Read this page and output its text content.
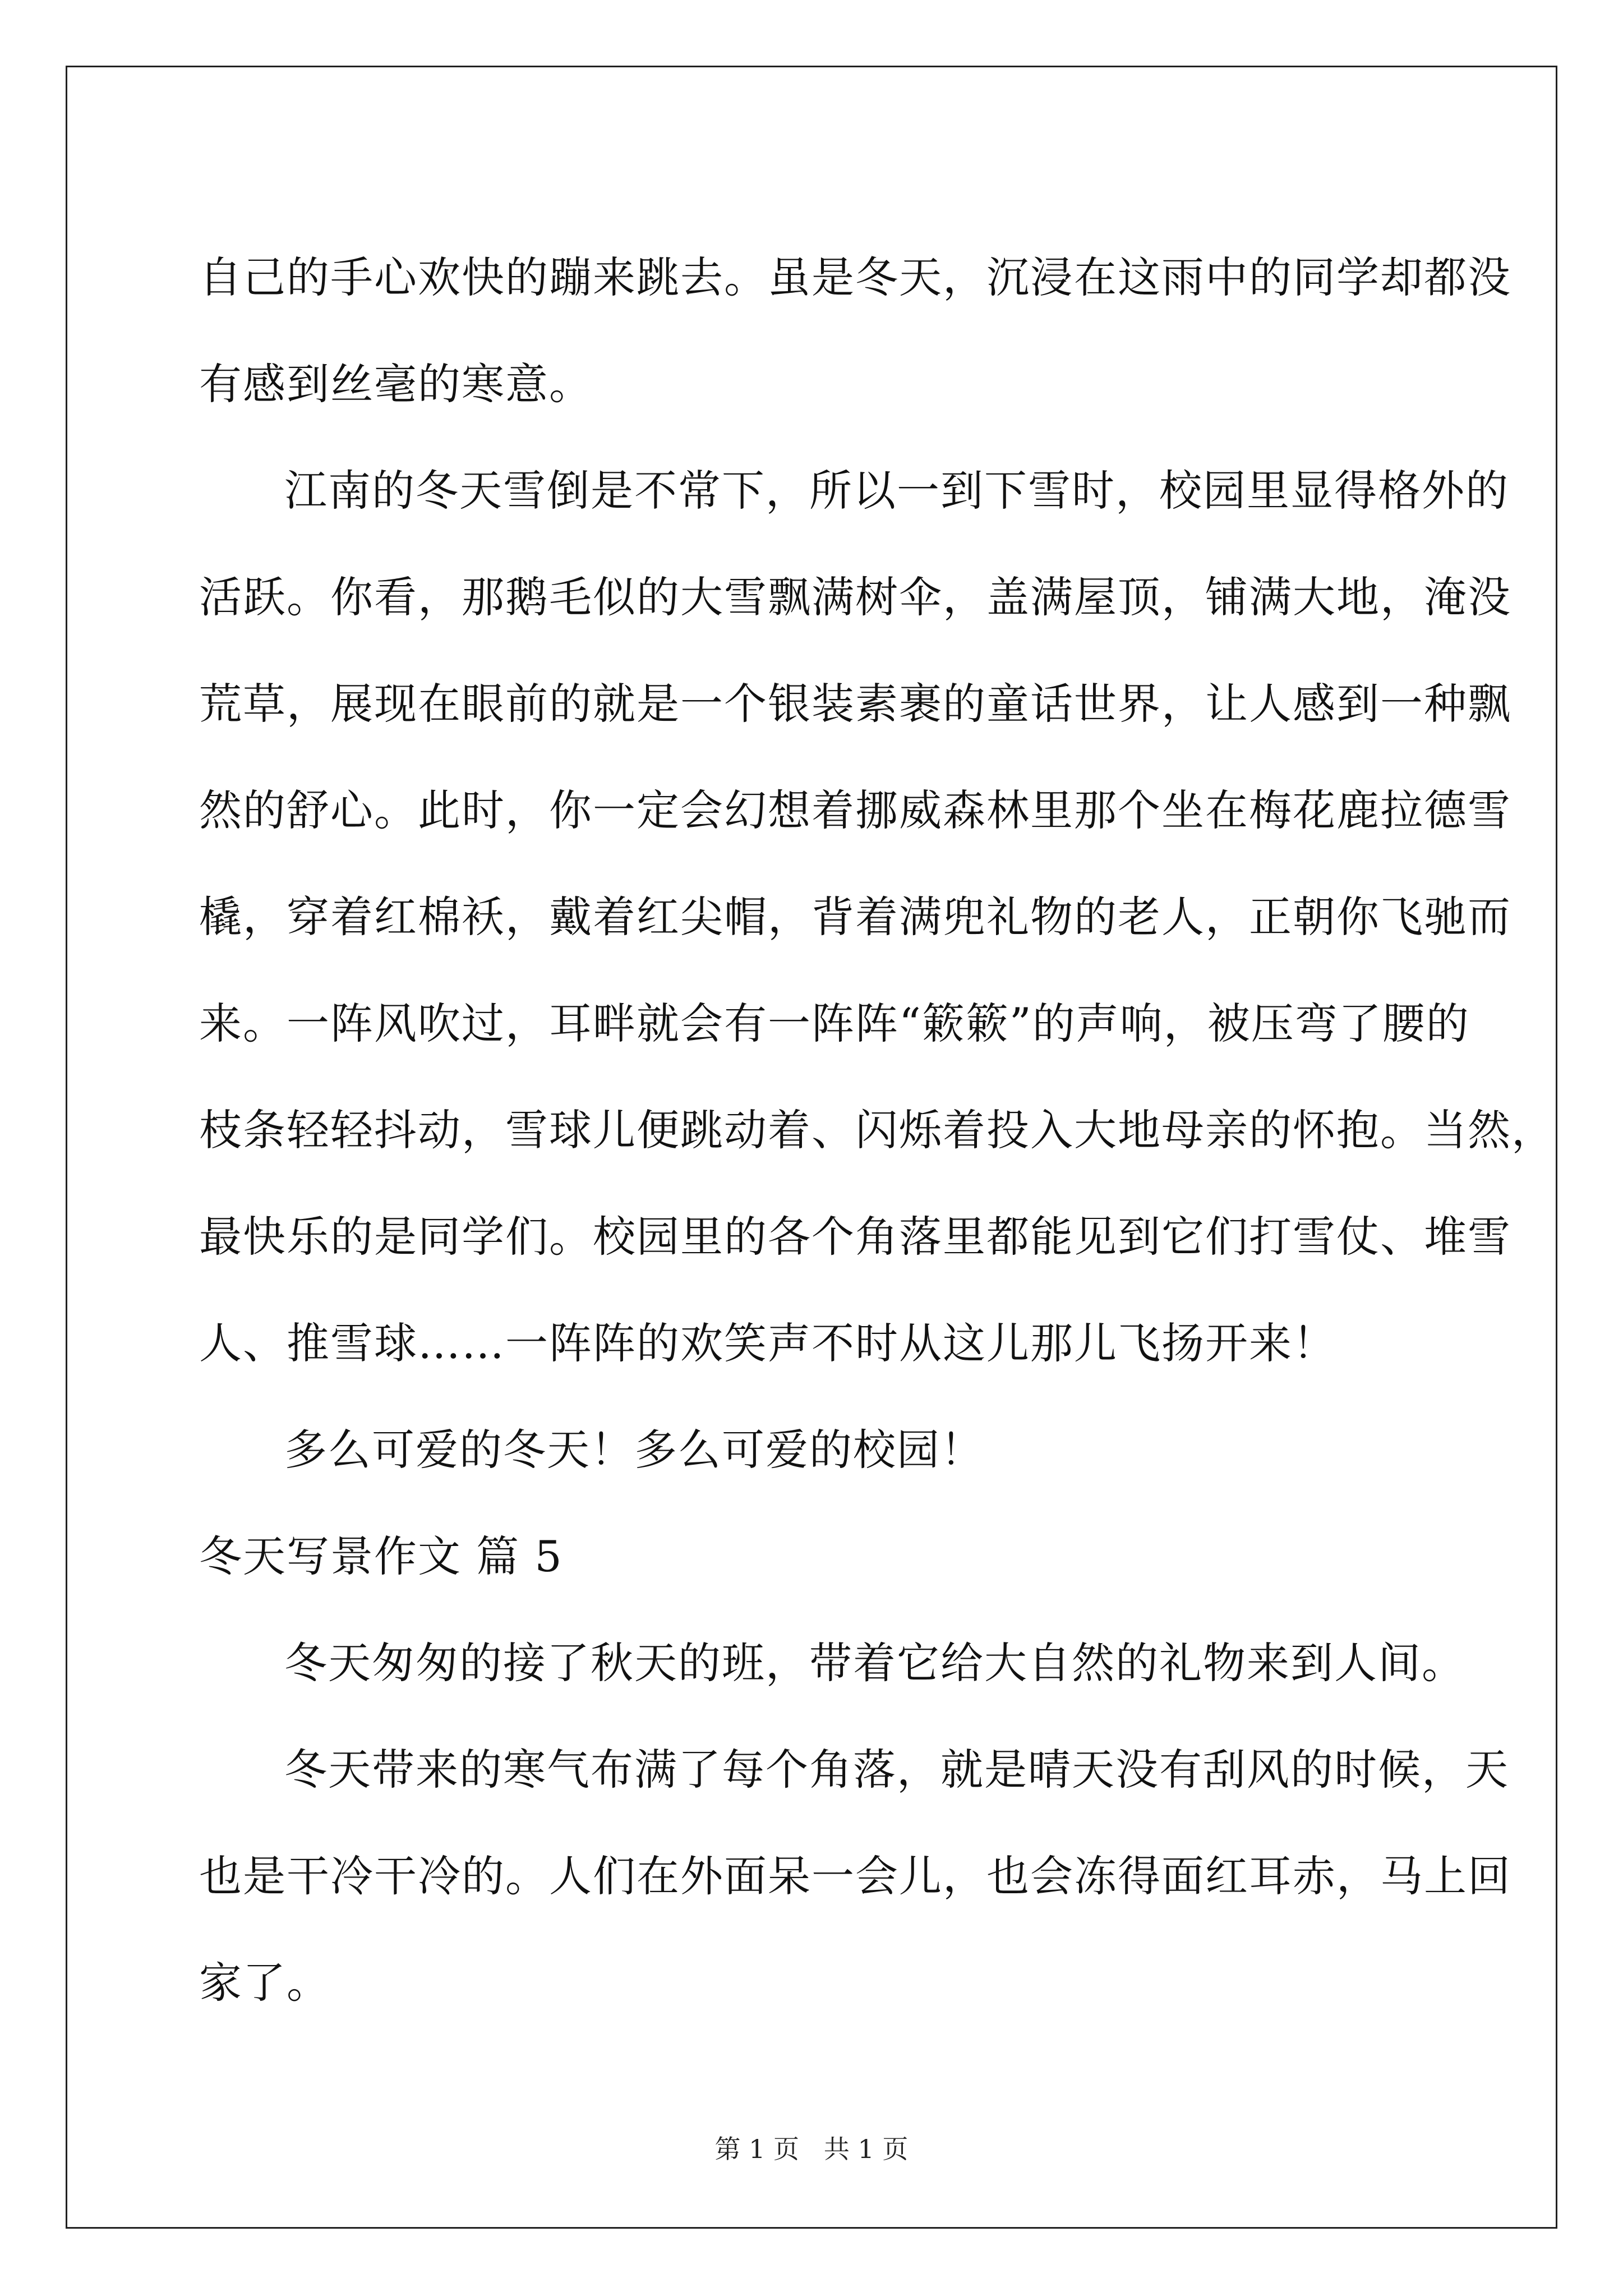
自己的手心欢快的蹦来跳去。虽是冬天，沉浸在这雨中的同学却都没
有感到丝毫的寒意。
江南的冬天雪倒是不常下，所以一到下雪时，校园里显得格外的
活跃。你看，那鹅毛似的大雪飘满树伞，盖满屋顶，铺满大地，淹没
荒草，展现在眼前的就是一个银装素裹的童话世界，让人感到一种飘
然的舒心。此时，你一定会幻想着挪威森林里那个坐在梅花鹿拉德雪
橇，穿着红棉袄，戴着红尖帽，背着满兜礼物的老人，正朝你飞驰而
来。一阵风吹过，耳畔就会有一阵阵“簌簌”的声响，被压弯了腰的
枝条轻轻抖动，雪球儿便跳动着、闪烁着投入大地母亲的怀抱。当然，
最快乐的是同学们。校园里的各个角落里都能见到它们打雪仗、堆雪
人、推雪球……一阵阵的欢笑声不时从这儿那儿飞扬开来！
多么可爱的冬天！多么可爱的校园！
冬天写景作文 篇 5
冬天匆匆的接了秋天的班，带着它给大自然的礼物来到人间。
冬天带来的寒气布满了每个角落，就是晴天没有刮风的时候，天
也是干冷干冷的。人们在外面呆一会儿，也会冻得面红耳赤，马上回
家了。
第 1 页   共 1 页
